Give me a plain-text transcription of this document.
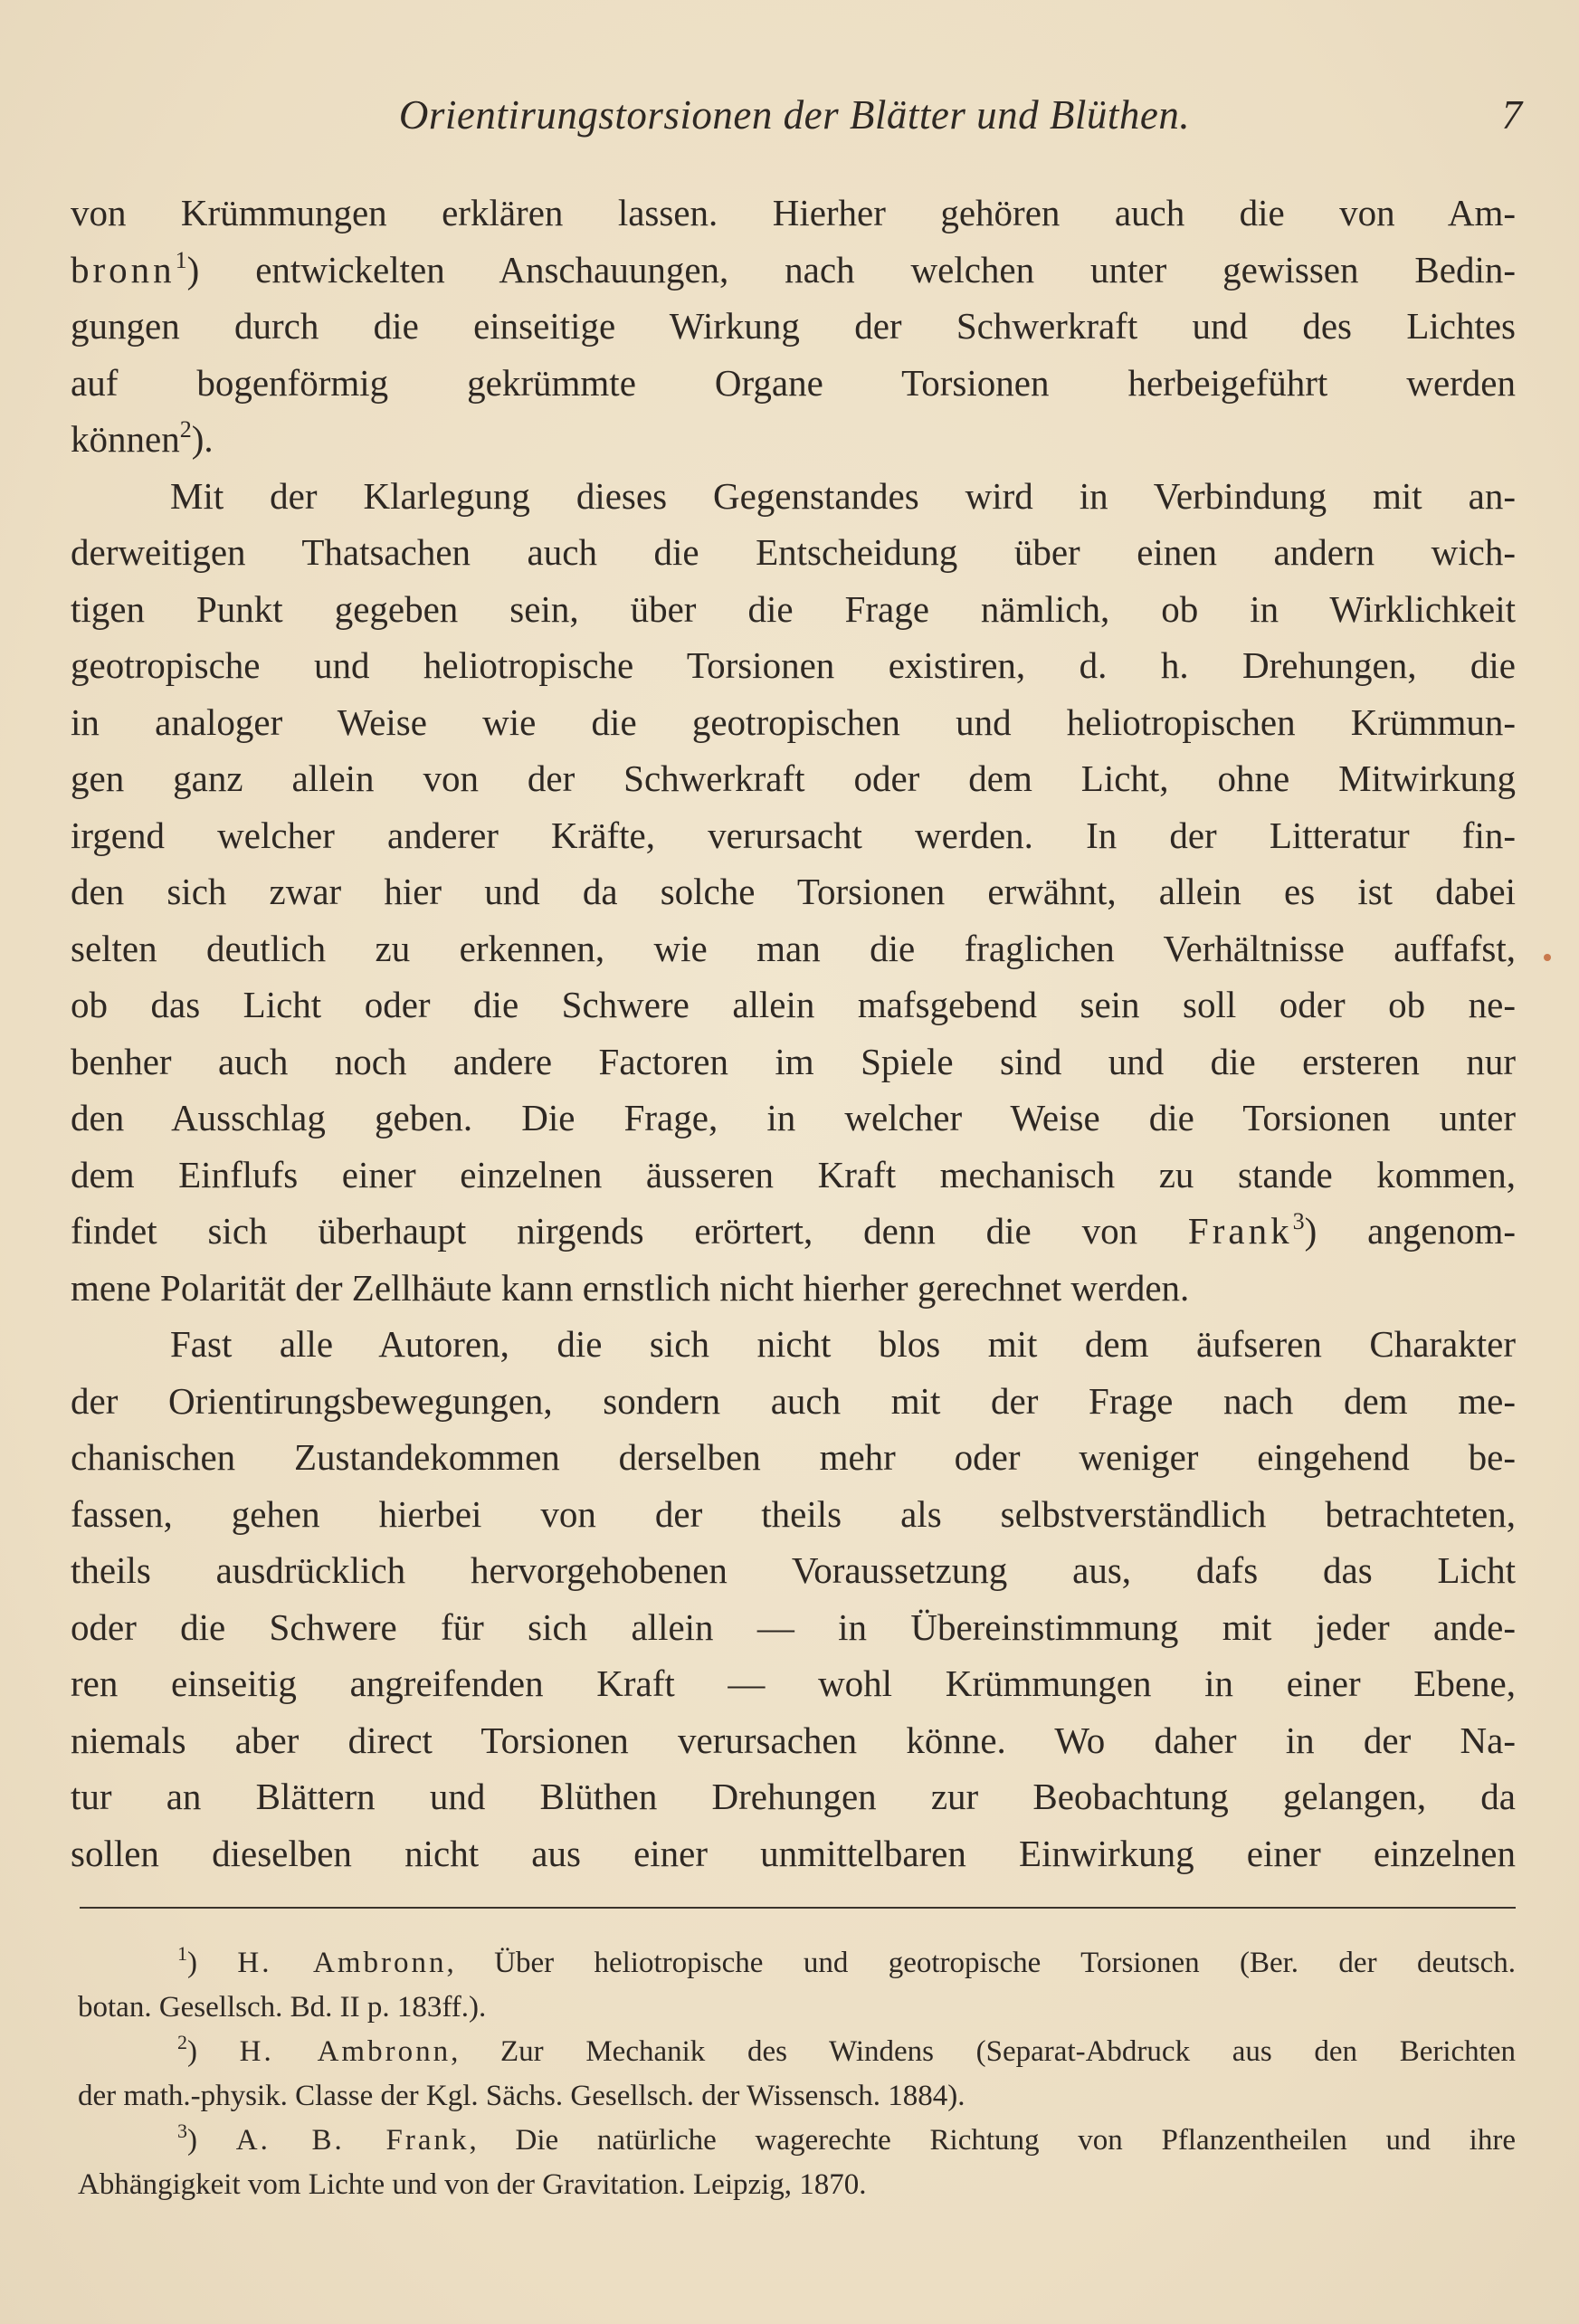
Orientirungstorsionen der Blätter und Blüthen.	7
von Krümmungen erklären lassen. Hierher gehören auch die von Am-
bronn$^1$) entwickelten Anschauungen, nach welchen unter gewissen Bedin-
gungen durch die einseitige Wirkung der Schwerkraft und des Lichtes
auf bogenförmig gekrümmte Organe Torsionen herbeigeführt werden
können$^2$).
Mit der Klarlegung dieses Gegenstandes wird in Verbindung mit an-
derweitigen Thatsachen auch die Entscheidung über einen andern wich-
tigen Punkt gegeben sein, über die Frage nämlich, ob in Wirklichkeit
geotropische und heliotropische Torsionen existiren, d. h. Drehungen, die
in analoger Weise wie die geotropischen und heliotropischen Krümmun-
gen ganz allein von der Schwerkraft oder dem Licht, ohne Mitwirkung
irgend welcher anderer Kräfte, verursacht werden. In der Litteratur fin-
den sich zwar hier und da solche Torsionen erwähnt, allein es ist dabei
selten deutlich zu erkennen, wie man die fraglichen Verhältnisse auffafst,
ob das Licht oder die Schwere allein mafsgebend sein soll oder ob ne-
benher auch noch andere Factoren im Spiele sind und die ersteren nur
den Ausschlag geben. Die Frage, in welcher Weise die Torsionen unter
dem Einflufs einer einzelnen äusseren Kraft mechanisch zu stande kommen,
findet sich überhaupt nirgends erörtert, denn die von Frank$^3$) angenom-
mene Polarität der Zellhäute kann ernstlich nicht hierher gerechnet werden.
Fast alle Autoren, die sich nicht blos mit dem äufseren Charakter
der Orientirungsbewegungen, sondern auch mit der Frage nach dem me-
chanischen Zustandekommen derselben mehr oder weniger eingehend be-
fassen, gehen hierbei von der theils als selbstverständlich betrachteten,
theils ausdrücklich hervorgehobenen Voraussetzung aus, dafs das Licht
oder die Schwere für sich allein — in Übereinstimmung mit jeder ande-
ren einseitig angreifenden Kraft — wohl Krümmungen in einer Ebene,
niemals aber direct Torsionen verursachen könne. Wo daher in der Na-
tur an Blättern und Blüthen Drehungen zur Beobachtung gelangen, da
sollen dieselben nicht aus einer unmittelbaren Einwirkung einer einzelnen
$^1$) H. Ambronn, Über heliotropische und geotropische Torsionen (Ber. der deutsch.
botan. Gesellsch. Bd. II p. 183ff.).
$^2$) H. Ambronn, Zur Mechanik des Windens (Separat-Abdruck aus den Berichten
der math.-physik. Classe der Kgl. Sächs. Gesellsch. der Wissensch. 1884).
$^3$) A. B. Frank, Die natürliche wagerechte Richtung von Pflanzentheilen und ihre
Abhängigkeit vom Lichte und von der Gravitation. Leipzig, 1870.
